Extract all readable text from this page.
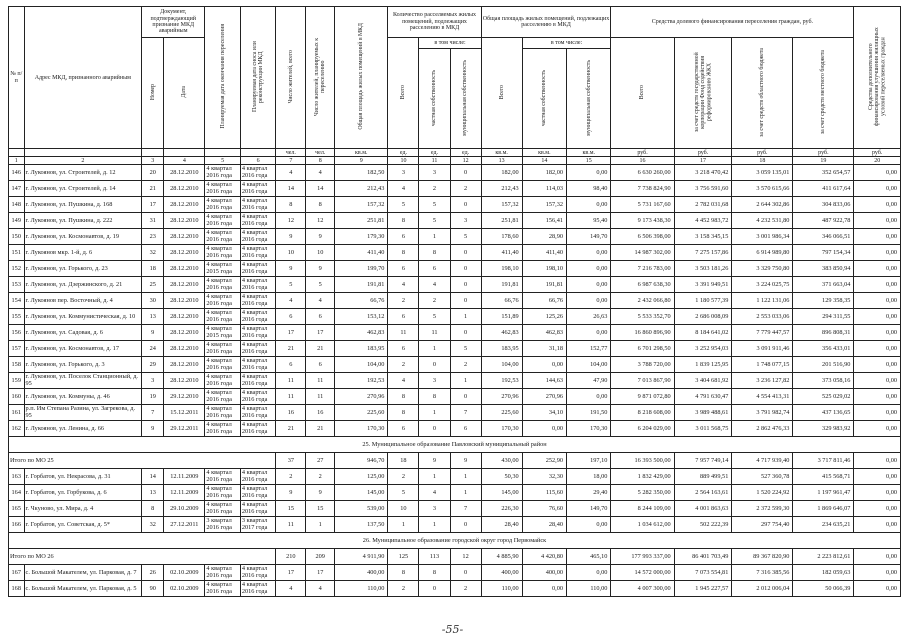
№ п/п	Адрес МКД, признанного аварийным	Документ, подтверждающий признание МКД аварийным		Планируемая дата окончания переселения	Планируемая дата сноса или реконструкции МКД	Число жителей, всего	Число жителей, планируемых к переселению	Общая площадь жилых помещений в МКД	Количество расселяемых жилых помещений, подлежащих расселению в МКД			Общая площадь жилых помещений, подлежащих расселению в МКД			Средства долевого финансирования переселения граждан, руб.				Средства дополнительного финансирования улучшения жилищных условий переселяемых граждан
		Номер	Дата						Всего	в том числе:		Всего	в том числе:		Всего	за счет средств государственной корпорации Фонд содействия реформированию ЖКХ	за счет средств областного бюджета	за счет средств местного бюджета	
										частная собственность	муниципальная собственность		частная собственность	муниципальная собственность					
						чел.	чел.	кв.м.	ед.	ед.	ед.	кв.м.	кв.м.	кв.м.	руб.	руб.	руб.	руб.	руб.
1	2	3	4	5	6	7	8	9	10	11	12	13	14	15	16	17	18	19	20
146	г. Лукоянов, ул. Строителей, д. 12	20	28.12.2010	4 квартал 2016 года	4 квартал 2016 года	4	4	182,50	3	3	0	182,00	182,00	0,00	6 630 260,00	3 218 470,42	3 059 135,01	352 654,57	0,00
147	г. Лукоянов, ул. Строителей, д. 14	21	28.12.2010	4 квартал 2016 года	4 квартал 2016 года	14	14	212,43	4	2	2	212,43	114,03	98,40	7 738 824,90	3 756 591,60	3 570 615,66	411 617,64	0,00
148	г. Лукоянов, ул. Пушкина, д. 168	17	28.12.2010	4 квартал 2016 года	4 квартал 2016 года	8	8	157,32	5	5	0	157,32	157,32	0,00	5 731 167,60	2 782 031,68	2 644 302,86	304 833,06	0,00
149	г. Лукоянов, ул. Пушкина, д. 222	31	28.12.2010	4 квартал 2016 года	4 квартал 2016 года	12	12	251,81	8	5	3	251,81	156,41	95,40	9 173 438,30	4 452 983,72	4 232 531,80	487 922,78	0,00
150	г. Лукоянов, ул. Космонавтов, д. 19	23	28.12.2010	4 квартал 2016 года	4 квартал 2016 года	9	9	179,30	6	1	5	178,60	28,90	149,70	6 506 398,00	3 158 345,15	3 001 986,34	346 066,51	0,00
151	г. Лукоянов мкр. 1-й, д. 6	32	28.12.2010	4 квартал 2016 года	4 квартал 2016 года	10	10	411,40	8	8	0	411,40	411,40	0,00	14 987 302,00	7 275 157,86	6 914 989,80	797 154,34	0,00
152	г. Лукоянов, ул. Горького, д. 23	18	28.12.2010	4 квартал 2015 года	4 квартал 2016 года	9	9	199,70	6	6	0	198,10	198,10	0,00	7 216 783,00	3 503 181,26	3 329 750,80	383 850,94	0,00
153	г. Лукоянов, ул. Дзержинского, д. 21	25	28.12.2010	4 квартал 2016 года	4 квартал 2016 года	5	5	191,81	4	4	0	191,81	191,81	0,00	6 987 638,30	3 391 949,51	3 224 025,75	371 663,04	0,00
154	г. Лукоянов пер. Восточный, д. 4	30	28.12.2010	4 квартал 2016 года	4 квартал 2016 года	4	4	66,76	2	2	0	66,76	66,76	0,00	2 432 066,80	1 180 577,39	1 122 131,06	129 358,35	0,00
155	г. Лукоянов, ул. Коммунистическая, д. 10	13	28.12.2010	4 квартал 2016 года	4 квартал 2016 года	6	6	153,12	6	5	1	151,89	125,26	26,63	5 533 352,70	2 686 008,09	2 553 033,06	294 311,55	0,00
156	г. Лукоянов, ул. Садовая, д. 6	9	28.12.2010	4 квартал 2015 года	4 квартал 2016 года	17	17	462,83	11	11	0	462,83	462,83	0,00	16 860 896,90	8 184 641,02	7 779 447,57	896 808,31	0,00
157	г. Лукоянов, ул. Космонавтов, д. 17	24	28.12.2010	4 квартал 2016 года	4 квартал 2016 года	21	21	183,95	6	1	5	183,95	31,18	152,77	6 701 298,50	3 252 954,03	3 091 911,46	356 433,01	0,00
158	г. Лукоянов, ул. Горького, д. 3	29	28.12.2010	4 квартал 2016 года	4 квартал 2016 года	6	6	104,00	2	0	2	104,00	0,00	104,00	3 788 720,00	1 839 125,95	1 748 077,15	201 516,90	0,00
159	г. Лукоянов, ул. Поселок Станционный, д. 95	3	28.12.2010	4 квартал 2016 года	4 квартал 2016 года	11	11	192,53	4	3	1	192,53	144,63	47,90	7 013 867,90	3 404 681,92	3 236 127,82	373 058,16	0,00
160	г. Лукоянов, ул. Коммуны, д. 46	19	29.12.2010	4 квартал 2016 года	4 квартал 2016 года	11	11	270,96	8	8	0	270,96	270,96	0,00	9 871 072,80	4 791 630,47	4 554 413,31	525 029,02	0,00
161	р.п. Им Степана Разина, ул. Загрекова, д. 95	7	15.12.2011	4 квартал 2016 года	4 квартал 2016 года	16	16	225,60	8	1	7	225,60	34,10	191,50	8 218 608,00	3 989 488,61	3 791 982,74	437 136,65	0,00
162	г. Лукоянов, ул. Ленина, д. 66	9	29.12.2011	4 квартал 2016 года	4 квартал 2016 года	21	21	170,30	6	0	6	170,30	0,00	170,30	6 204 029,00	3 011 568,75	2 862 476,33	329 983,92	0,00
25. Муниципальное образование Павловский муниципальный район																			
Итого по МО 25						37	27	946,70	18	9	9	430,00	252,90	197,10	16 393 500,00	7 957 749,14	4 717 939,40	3 717 811,46	0,00
163	г. Горбатов, ул. Некрасова, д. 31	14	12.11.2009	4 квартал 2016 года	4 квартал 2016 года	2	2	125,00	2	1	1	50,30	32,30	18,00	1 832 429,00	889 499,51	527 360,78	415 568,71	0,00
164	г. Горбатов, ул. Горбукова, д. 6	13	12.11.2009	4 квартал 2016 года	4 квартал 2016 года	9	9	145,00	5	4	1	145,00	115,60	29,40	5 282 350,00	2 564 163,61	1 520 224,92	1 197 961,47	0,00
165	г. Чкуново, ул. Мира, д. 4	8	29.10.2009	4 квартал 2016 года	4 квартал 2016 года	15	15	539,00	10	3	7	226,30	76,60	149,70	8 244 109,00	4 001 863,63	2 372 599,30	1 869 646,07	0,00
166	г. Горбатов, ул. Советская, д. 5*	32	27.12.2011	3 квартал 2016 года	3 квартал 2017 года	11	1	137,50	1	1	0	28,40	28,40	0,00	1 034 612,00	502 222,39	297 754,40	234 635,21	0,00
26. Муниципальное образование городской округ город Первомайск																			
Итого по МО 26						210	209	4 911,90	125	113	12	4 885,90	4 420,80	465,10	177 993 337,00	86 401 703,49	89 367 820,90	2 223 812,61	0,00
167	с. Большой Макателем, ул. Парковая, д. 7	26	02.10.2009	4 квартал 2016 года	4 квартал 2016 года	17	17	400,00	8	8	0	400,00	400,00	0,00	14 572 000,00	7 073 554,81	7 316 385,56	182 059,63	0,00
168	с. Большой Макателем, ул. Парковая, д. 5	90	02.10.2009	4 квартал 2016 года	4 квартал 2016 года	4	4	110,00	2	0	2	110,00	0,00	110,00	4 007 300,00	1 945 227,57	2 012 006,04	50 066,39	0,00
-55-
